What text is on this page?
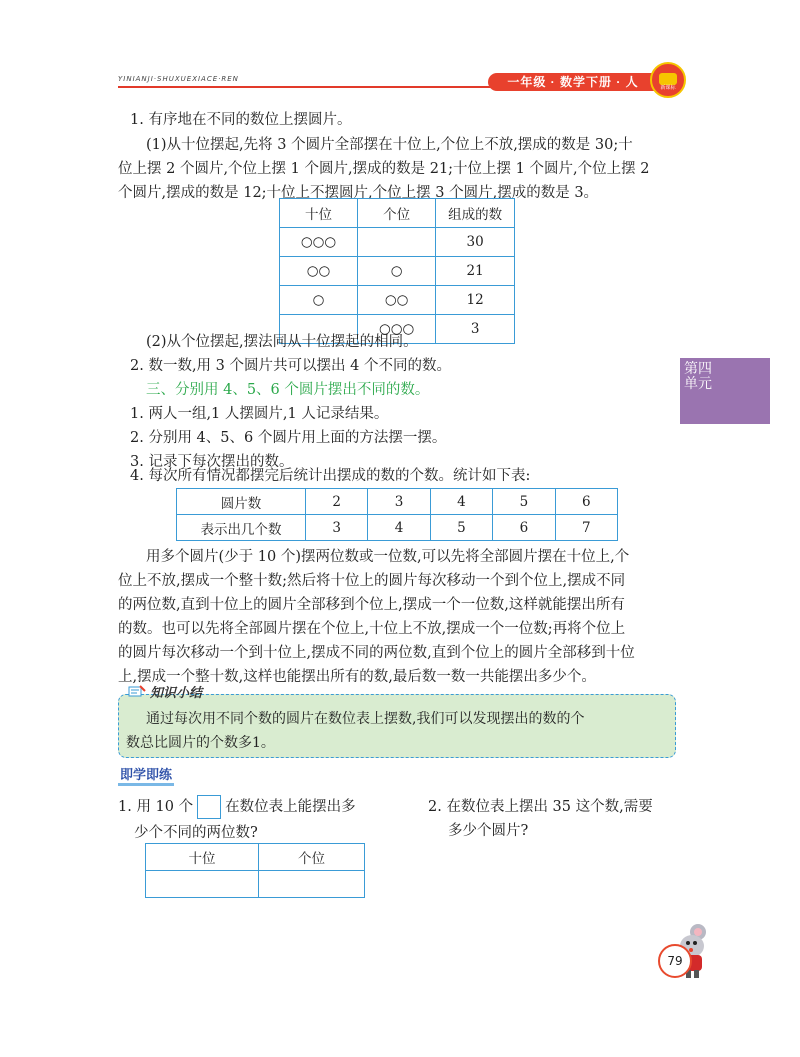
YINIANJI·SHUXUEXIACE·REN	一年级 · 数学下册 · 人	新课标
第四单元
1. 有序地在不同的数位上摆圆片。
(1)从十位摆起,先将 3 个圆片全部摆在十位上,个位上不放,摆成的数是 30;十
位上摆 2 个圆片,个位上摆 1 个圆片,摆成的数是 21;十位上摆 1 个圆片,个位上摆 2
个圆片,摆成的数是 12;十位上不摆圆片,个位上摆 3 个圆片,摆成的数是 3。
十位	个位	组成的数
○○○		30
○○	○	21
○	○○	12
	○○○	3
(2)从个位摆起,摆法同从十位摆起的相同。
2. 数一数,用 3 个圆片共可以摆出 4 个不同的数。
三、分别用 4、5、6 个圆片摆出不同的数。
1. 两人一组,1 人摆圆片,1 人记录结果。
2. 分别用 4、5、6 个圆片用上面的方法摆一摆。
3. 记录下每次摆出的数。
4. 每次所有情况都摆完后统计出摆成的数的个数。统计如下表:
圆片数	2	3	4	5	6
表示出几个数	3	4	5	6	7
用多个圆片(少于 10 个)摆两位数或一位数,可以先将全部圆片摆在十位上,个
位上不放,摆成一个整十数;然后将十位上的圆片每次移动一个到个位上,摆成不同
的两位数,直到十位上的圆片全部移到个位上,摆成一个一位数,这样就能摆出所有
的数。也可以先将全部圆片摆在个位上,十位上不放,摆成一个一位数;再将个位上
的圆片每次移动一个到十位上,摆成不同的两位数,直到个位上的圆片全部移到十位
上,摆成一个整十数,这样也能摆出所有的数,最后数一数一共能摆出多少个。
知识小结
通过每次用不同个数的圆片在数位表上摆数,我们可以发现摆出的数的个
数总比圆片的个数多1。
即学即练
1. 用 10 个 在数位表上能摆出多
少个不同的两位数?
十位	个位

2. 在数位表上摆出 35 这个数,需要
多少个圆片?
79
